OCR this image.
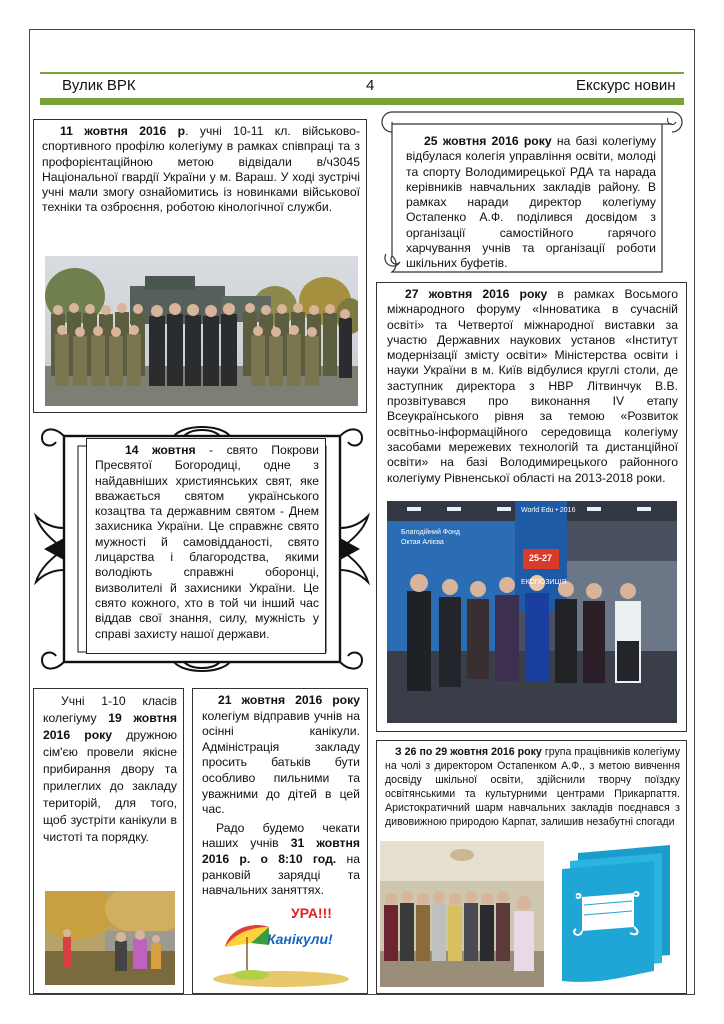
Вулик ВРК	4	Екскурс новин
11 жовтня 2016 р. учні 10-11 кл. військово-спортивного профілю колегіуму в рамках співпраці та з профорієнтаційною метою відвідали в/ч3045 Національної гвардії України у м. Вараш. У ході зустрічі учні мали змогу ознайомитись із новинками військової техніки та озброєння, роботою кінологічної служби.
25 жовтня 2016 року на базі колегіуму відбулася колегія управління освіти, молоді та спорту Володимирецької РДА та нарада керівників навчальних закладів району. В рамках наради директор колегіуму Остапенко А.Ф. поділився досвідом з організації самостійного гарячого харчування учнів та організації роботи шкільних буфетів.
27 жовтня 2016 року в рамках Восьмого міжнародного форуму «Інноватика в сучасній освіті» та Четвертої міжнародної виставки за участю Державних наукових установ «Інститут модернізації змісту освіти» Міністерства освіти і науки України в м. Київ відбулися круглі столи, де заступник директора з НВР Літвинчук В.В. прозвітувався про виконання IV етапу Всеукраїнського рівня за темою «Розвиток освітньо-інформаційного середовища колегіуму засобами мережевих технологій та дистанційної освіти» на базі Володимирецького районного колегіуму Рівненської області на 2013-2018 роки.
Благодійний Фонд
Октая Алієва
ЕКСПОЗИЦІЯ
World Edu • 2016
25-27
14 жовтня - свято Покрови Пресвятої Богородиці, одне з найдавніших християнських свят, яке вважається святом українського козацтва та державним святом - Днем захисника України. Це справжнє свято мужності й самовідданості, свято лицарства і благородства, якими володіють справжні оборонці, визволителі й захисники України. Це свято кожного, хто в той чи інший час віддав свої знання, силу, мужність у справі захисту нашої держави.
Учні 1-10 класів колегіуму 19 жовтня 2016 року дружною сім'єю провели якісне прибирання двору та прилеглих до закладу територій, для того, щоб зустріти канікули в чистоті та порядку.
21 жовтня 2016 року колегіум відправив учнів на осінні канікули. Адміністрація закладу просить батьків бути особливо пильними та уважними до дітей в цей час.
Радо будемо чекати наших учнів 31 жовтня 2016 р. о 8:10 год. на ранковій зарядці та навчальних заняттях.
УРА!!!
Канікули!
З 26 по 29 жовтня 2016 року група працівників колегіуму на чолі з директором Остапенком А.Ф., з метою вивчення досвіду шкільної освіти, здійснили творчу поїздку освітянськими та культурними центрами Прикарпаття. Аристократичний шарм навчальних закладів поєднався з дивовижною природою Карпат, залишив незабутні спогади
